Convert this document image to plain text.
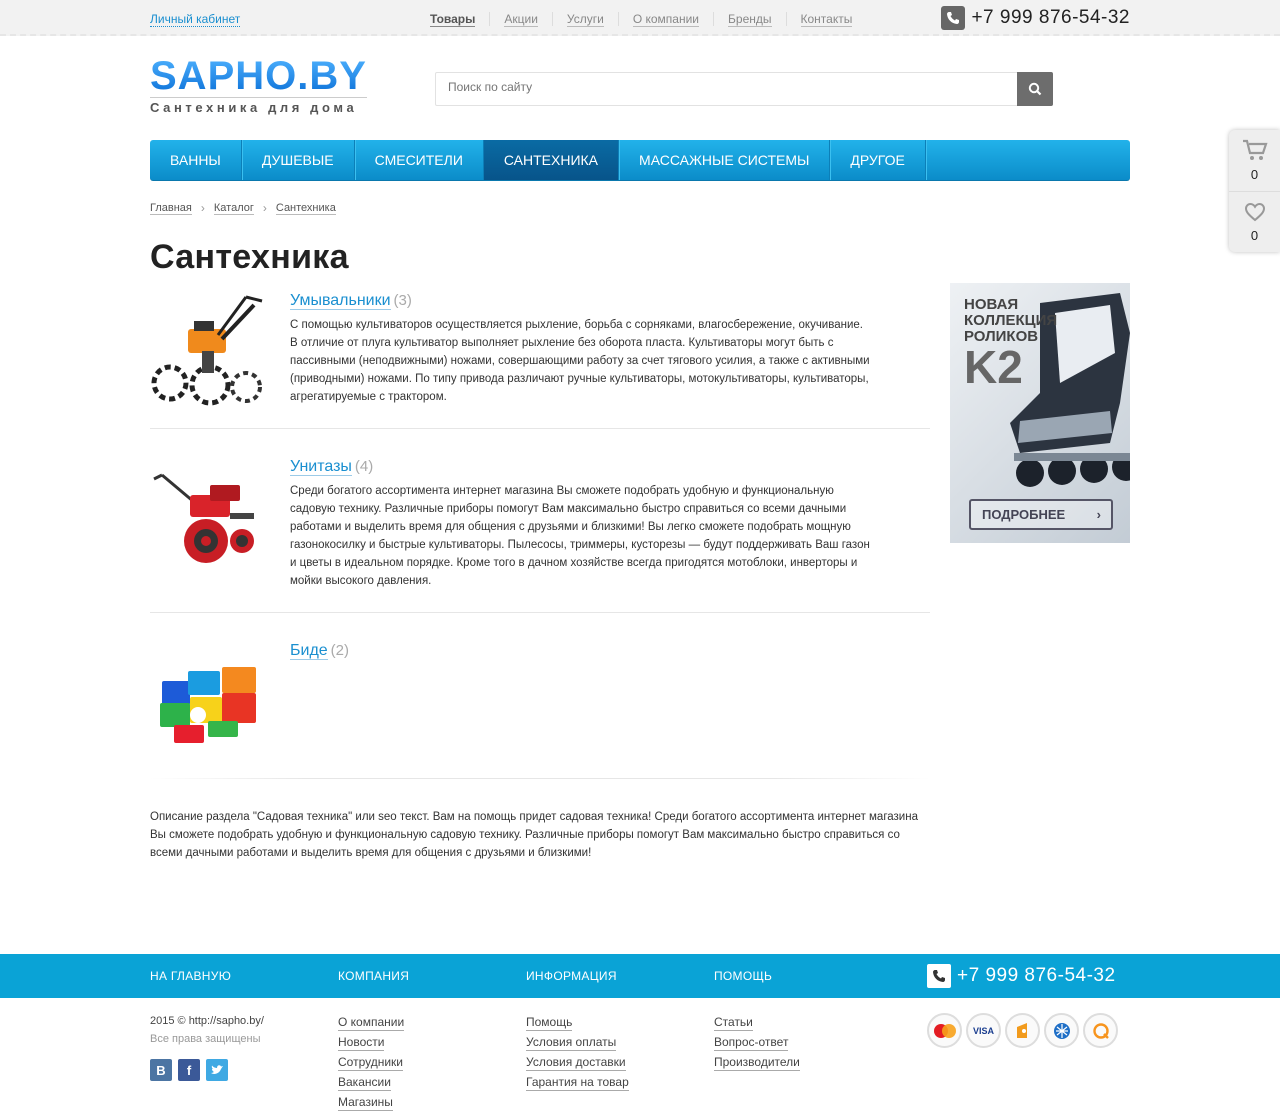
Личный кабинет	Товары Акции Услуги О компании Бренды Контакты	+7 999 876-54-32
SAPHO.BY
Сантехника для дома
Поиск по сайту
ВАННЫ	ДУШЕВЫЕ	СМЕСИТЕЛИ	САНТЕХНИКА	МАССАЖНЫЕ СИСТЕМЫ	ДРУГОЕ
Главная › Каталог › Сантехника
Сантехника
Умывальники (3)

С помощью культиваторов осуществляется рыхление, борьба с сорняками, влагосбережение, окучивание. В отличие от плуга культиватор выполняет рыхление без оборота пласта. Культиваторы могут быть с пассивными (неподвижными) ножами, совершающими работу за счет тягового усилия, а также с активными (приводными) ножами. По типу привода различают ручные культиваторы, мотокультиваторы, культиваторы, агрегатируемые с трактором.

Унитазы (4)

Среди богатого ассортимента интернет магазина Вы сможете подобрать удобную и функциональную садовую технику. Различные приборы помогут Вам максимально быстро справиться со всеми дачными работами и выделить время для общения с друзьями и близкими! Вы легко сможете подобрать мощную газонокосилку и быстрые культиваторы. Пылесосы, триммеры, кусторезы — будут поддерживать Ваш газон и цветы в идеальном порядке. Кроме того в дачном хозяйстве всегда пригодятся мотоблоки, инверторы и мойки высокого давления.

Биде (2)
Описание раздела "Садовая техника" или seo текст. Вам на помощь придет садовая техника! Среди богатого ассортимента интернет магазина Вы сможете подобрать удобную и функциональную садовую технику. Различные приборы помогут Вам максимально быстро справиться со всеми дачными работами и выделить время для общения с друзьями и близкими!
НОВАЯ КОЛЛЕКЦИЯ РОЛИКОВ
K2
ПОДРОБНЕЕ ›
0
0
НА ГЛАВНУЮ	КОМПАНИЯ	ИНФОРМАЦИЯ	ПОМОЩЬ	+7 999 876-54-32
2015 © http://sapho.by/
Все права защищены
В	f
О компании
Новости
Сотрудники
Вакансии
Магазины
Помощь
Условия оплаты
Условия доставки
Гарантия на товар
Статьи
Вопрос-ответ
Производители
VISA
